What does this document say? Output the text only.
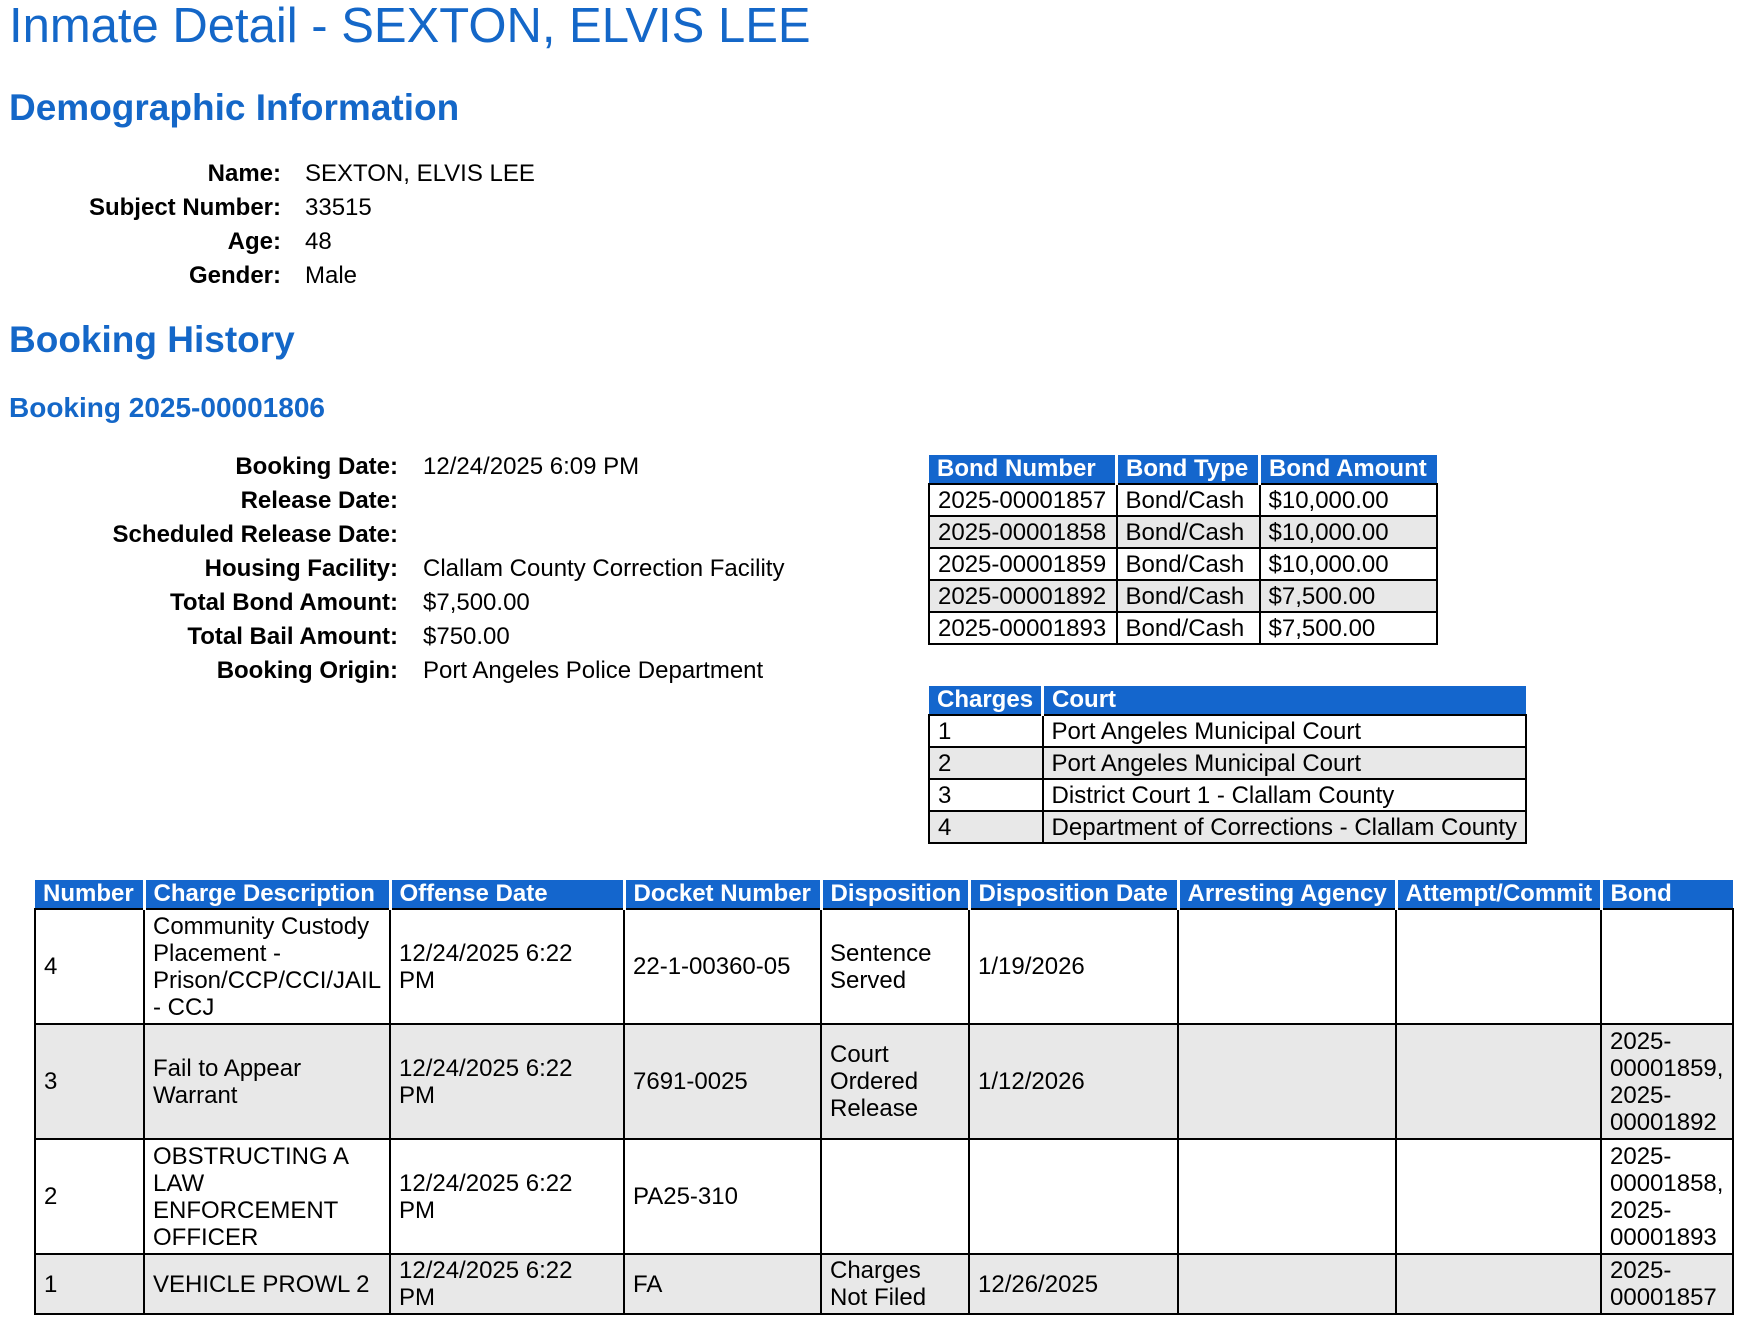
Inmate Detail - SEXTON, ELVIS LEE
Demographic Information
Name:		SEXTON, ELVIS LEE
Subject Number:		33515
Age:		48
Gender:		Male
Booking History
Booking 2025-00001806
Booking Date:		12/24/2025 6:09 PM
Release Date:		
Scheduled Release Date:		
Housing Facility:		Clallam County Correction Facility
Total Bond Amount:		$7,500.00
Total Bail Amount:		$750.00
Booking Origin:		Port Angeles Police Department
Bond Number	Bond Type	Bond Amount
2025-00001857	Bond/Cash	$10,000.00
2025-00001858	Bond/Cash	$10,000.00
2025-00001859	Bond/Cash	$10,000.00
2025-00001892	Bond/Cash	$7,500.00
2025-00001893	Bond/Cash	$7,500.00
Charges	Court
1	Port Angeles Municipal Court
2	Port Angeles Municipal Court
3	District Court 1 - Clallam County
4	Department of Corrections - Clallam County
Number	Charge Description	Offense Date	Docket Number	Disposition	Disposition Date	Arresting Agency	Attempt/Commit	Bond
4	Community Custody Placement - Prison/CCP/CCI/JAIL - CCJ	12/24/2025 6:22 PM	22-1-00360-05	Sentence Served	1/19/2026			
3	Fail to Appear Warrant	12/24/2025 6:22 PM	7691-0025	Court Ordered Release	1/12/2026			2025-00001859, 2025-00001892
2	OBSTRUCTING A LAW ENFORCEMENT OFFICER	12/24/2025 6:22 PM	PA25-310					2025-00001858, 2025-00001893
1	VEHICLE PROWL 2	12/24/2025 6:22 PM	FA	Charges Not Filed	12/26/2025			2025-00001857
